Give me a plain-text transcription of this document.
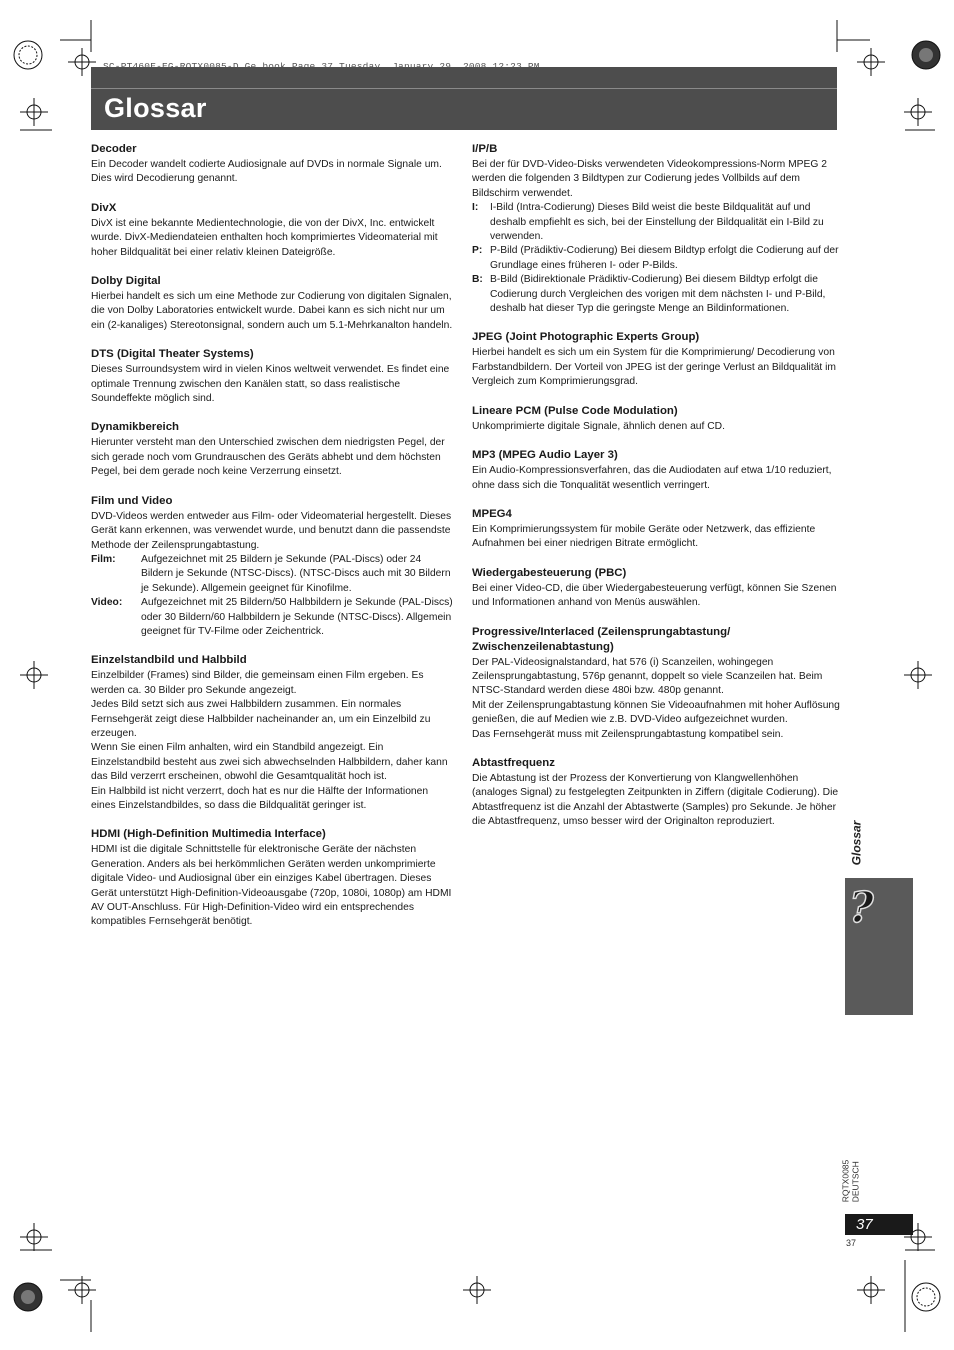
Glossar
Decoder

Ein Decoder wandelt codierte Audiosignale auf DVDs in normale Signale um. Dies wird Decodierung genannt.

DivX

DivX ist eine bekannte Medientechnologie, die von der DivX, Inc. entwickelt wurde. DivX-Mediendateien enthalten hoch komprimiertes Videomaterial mit hoher Bildqualität bei einer relativ kleinen Dateigröße.

Dolby Digital

Hierbei handelt es sich um eine Methode zur Codierung von digitalen Signalen, die von Dolby Laboratories entwickelt wurde. Dabei kann es sich nicht nur um ein (2-kanaliges) Stereotonsignal, sondern auch um 5.1-Mehrkanalton handeln.

DTS (Digital Theater Systems)

Dieses Surroundsystem wird in vielen Kinos weltweit verwendet. Es findet eine optimale Trennung zwischen den Kanälen statt, so dass realistische Soundeffekte möglich sind.

Dynamikbereich

Hierunter versteht man den Unterschied zwischen dem niedrigsten Pegel, der sich gerade noch vom Grundrauschen des Geräts abhebt und dem höchsten Pegel, bei dem gerade noch keine Verzerrung einsetzt.

Film und Video

DVD-Videos werden entweder aus Film- oder Videomaterial hergestellt. Dieses Gerät kann erkennen, was verwendet wurde, und benutzt dann die passendste Methode der Zeilensprungabtastung.

Film:	Aufgezeichnet mit 25 Bildern je Sekunde (PAL-Discs) oder 24 Bildern je Sekunde (NTSC-Discs). (NTSC-Discs auch mit 30 Bildern je Sekunde). Allgemein geeignet für Kinofilme.
Video:	Aufgezeichnet mit 25 Bildern/50 Halbbildern je Sekunde (PAL-Discs) oder 30 Bildern/60 Halbbildern je Sekunde (NTSC-Discs). Allgemein geeignet für TV-Filme oder Zeichentrick.
Einzelstandbild und Halbbild

Einzelbilder (Frames) sind Bilder, die gemeinsam einen Film ergeben. Es werden ca. 30 Bilder pro Sekunde angezeigt.

Jedes Bild setzt sich aus zwei Halbbildern zusammen. Ein normales Fernsehgerät zeigt diese Halbbilder nacheinander an, um ein Einzelbild zu erzeugen.

Wenn Sie einen Film anhalten, wird ein Standbild angezeigt. Ein Einzelstandbild besteht aus zwei sich abwechselnden Halbbildern, daher kann das Bild verzerrt erscheinen, obwohl die Gesamtqualität hoch ist.

Ein Halbbild ist nicht verzerrt, doch hat es nur die Hälfte der Informationen eines Einzelstandbildes, so dass die Bildqualität geringer ist.

HDMI (High-Definition Multimedia Interface)

HDMI ist die digitale Schnittstelle für elektronische Geräte der nächsten Generation. Anders als bei herkömmlichen Geräten werden unkomprimierte digitale Video- und Audiosignal über ein einziges Kabel übertragen. Dieses Gerät unterstützt High-Definition-Videoausgabe (720p, 1080i, 1080p) am HDMI AV OUT-Anschluss. Für High-Definition-Video wird ein entsprechendes kompatibles Fernsehgerät benötigt.

I/P/B

Bei der für DVD-Video-Disks verwendeten Videokompressions-Norm MPEG 2 werden die folgenden 3 Bildtypen zur Codierung jedes Vollbilds auf dem Bildschirm verwendet.

I:	I-Bild (Intra-Codierung) Dieses Bild weist die beste Bildqualität auf und deshalb empfiehlt es sich, bei der Einstellung der Bildqualität ein I-Bild zu verwenden.
P: P-Bild (Prädiktiv-Codierung) Bei diesem Bildtyp erfolgt die Codierung auf der Grundlage eines früheren I- oder P-Bilds.
B: B-Bild (Bidirektionale Prädiktiv-Codierung) Bei diesem Bildtyp erfolgt die Codierung durch Vergleichen des vorigen mit dem nächsten I- und P-Bild, deshalb hat dieser Typ die geringste Menge an Bildinformationen.
JPEG (Joint Photographic Experts Group)

Hierbei handelt es sich um ein System für die Komprimierung/ Decodierung von Farbstandbildern. Der Vorteil von JPEG ist der geringe Verlust an Bildqualität im Vergleich zum Komprimierungsgrad.

Lineare PCM (Pulse Code Modulation)

Unkomprimierte digitale Signale, ähnlich denen auf CD.

MP3 (MPEG Audio Layer 3)

Ein Audio-Kompressionsverfahren, das die Audiodaten auf etwa 1/10 reduziert, ohne dass sich die Tonqualität wesentlich verringert.

MPEG4

Ein Komprimierungssystem für mobile Geräte oder Netzwerk, das effiziente Aufnahmen bei einer niedrigen Bitrate ermöglicht.

Wiedergabesteuerung (PBC)

Bei einer Video-CD, die über Wiedergabesteuerung verfügt, können Sie Szenen und Informationen anhand von Menüs auswählen.

Progressive/Interlaced (Zeilensprungabtastung/ Zwischenzeilenabtastung)

Der PAL-Videosignalstandard, hat 576 (i) Scanzeilen, wohingegen Zeilensprungabtastung, 576p genannt, doppelt so viele Scanzeilen hat. Beim NTSC-Standard werden diese 480i bzw. 480p genannt.

Mit der Zeilensprungabtastung können Sie Videoaufnahmen mit hoher Auflösung genießen, die auf Medien wie z.B. DVD-Video aufgezeichnet wurden.

Das Fernsehgerät muss mit Zeilensprungabtastung kompatibel sein.

Abtastfrequenz

Die Abtastung ist der Prozess der Konvertierung von Klangwellenhöhen (analoges Signal) zu festgelegten Zeitpunkten in Ziffern (digitale Codierung). Die Abtastfrequenz ist die Anzahl der Abtastwerte (Samples) pro Sekunde. Je höher die Abtastfrequenz, umso besser wird der Originalton reproduziert.	Glossar
?
RQTX0085
DEUTSCH
37
37
